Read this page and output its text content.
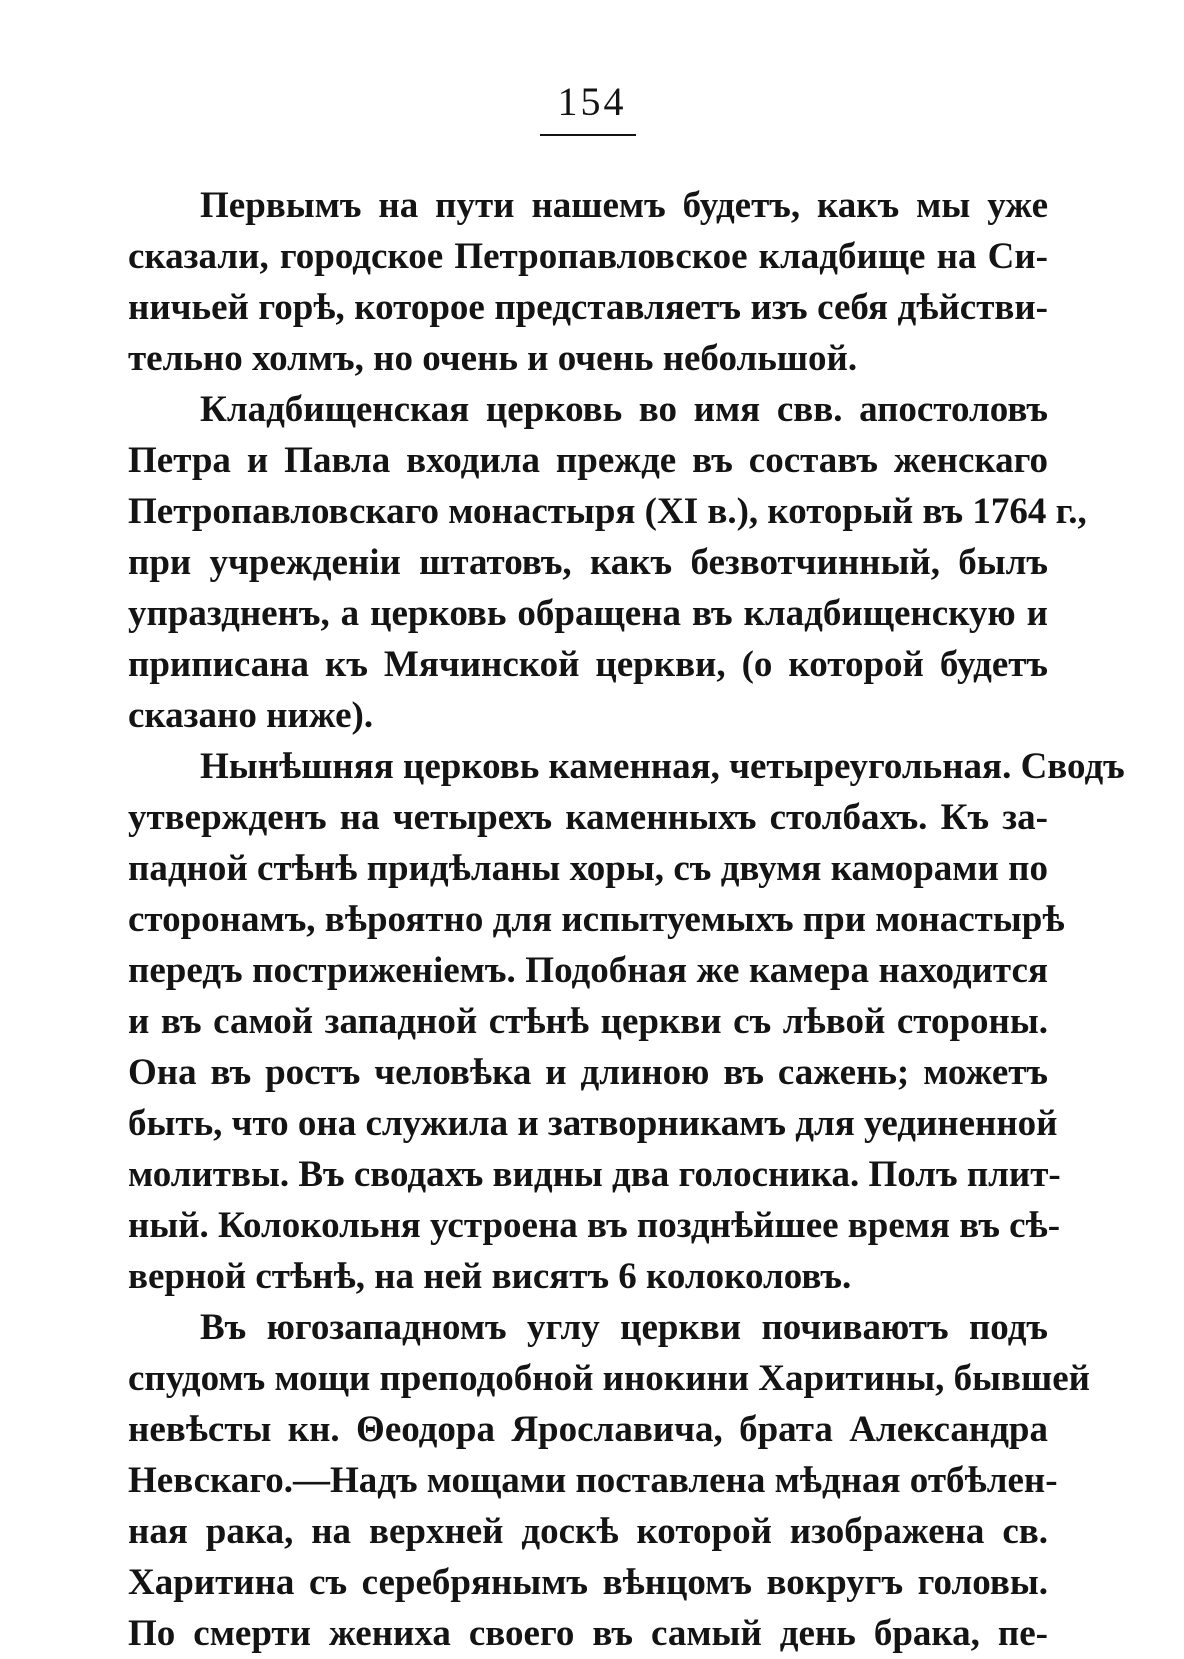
154
Первымъ на пути нашемъ будетъ, какъ мы уже
сказали, городское Петропавловское кладбище на Си-
ничьей горѣ, которое представляетъ изъ себя дѣйстви-
тельно холмъ, но очень и очень небольшой.
Кладбищенская церковь во имя свв. апостоловъ
Петра и Павла входила прежде въ составъ женскаго
Петропавловскаго монастыря (XI в.), который въ 1764 г.,
при учрежденіи штатовъ, какъ безвотчинный, былъ
упразднeнъ, а церковь обращена въ кладбищенскую и
приписана къ Мячинской церкви, (о которой будетъ
сказано ниже).
Нынѣшняя церковь каменная, четыреугольная. Сводъ
утвержденъ на четырехъ каменныхъ столбахъ. Къ за-
падной стѣнѣ придѣланы хоры, съ двумя каморами по
сторонамъ, вѣроятно для испытуемыхъ при монастырѣ
передъ постриженіемъ. Подобная же камера находится
и въ самой западной стѣнѣ церкви съ лѣвой стороны.
Она въ ростъ человѣка и длиною въ сажень; можетъ
быть, что она служила и затворникамъ для уединенной
молитвы. Въ сводахъ видны два голосника. Полъ плит-
ный. Колокольня устроена въ позднѣйшее время въ сѣ-
верной стѣнѣ, на ней висятъ 6 колоколовъ.
Въ югозападномъ углу церкви почиваютъ подъ
спудомъ мощи преподобной инокини Харитины, бывшей
невѣсты кн. Θеодора Ярославича, брата Александра
Невскаго.—Надъ мощами поставлена мѣдная отбѣлен-
ная рака, на верхней доскѣ которой изображена св.
Харитина съ серебрянымъ вѣнцомъ вокругъ головы.
По смерти жениха своего въ самый день брака, пе-
